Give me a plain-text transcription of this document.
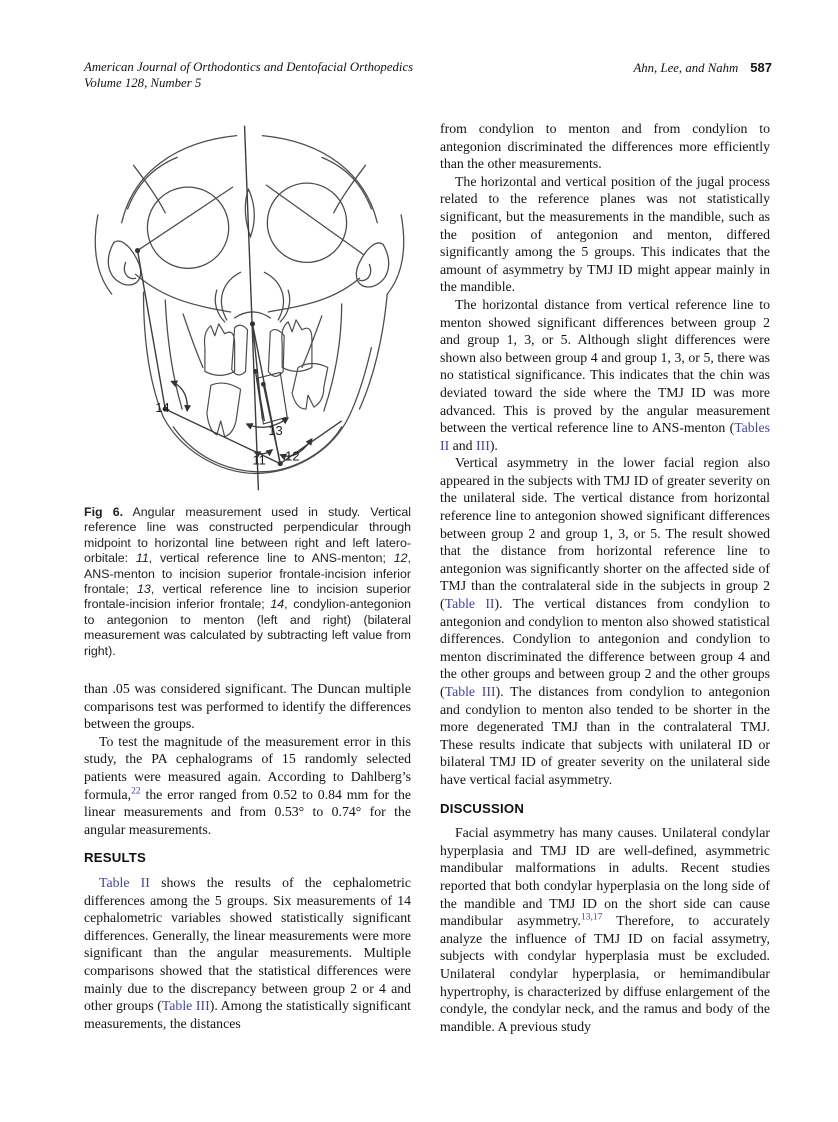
American Journal of Orthodontics and Dentofacial Orthopedics
Volume 128, Number 5
Ahn, Lee, and Nahm 587
14
13
11 12
Fig 6. Angular measurement used in study. Vertical reference line was constructed perpendicular through midpoint to horizontal line between right and left latero-orbitale: 11, vertical reference line to ANS-menton; 12, ANS-menton to incision superior frontale-incision inferior frontale; 13, vertical reference line to incision superior frontale-incision inferior frontale; 14, condylion-antegonion to antegonion to menton (left and right) (bilateral measurement was calculated by subtracting left value from right).

than .05 was considered significant. The Duncan multiple comparisons test was performed to identify the differences between the groups.

To test the magnitude of the measurement error in this study, the PA cephalograms of 15 randomly selected patients were measured again. According to Dahlberg’s formula,$^{22}$ the error ranged from 0.52 to 0.84 mm for the linear measurements and from 0.53° to 0.74° for the angular measurements.

RESULTS

Table II shows the results of the cephalometric differences among the 5 groups. Six measurements of 14 cephalometric variables showed statistically significant differences. Generally, the linear measurements were more significant than the angular measurements. Multiple comparisons showed that the statistical differences were mainly due to the discrepancy between group 2 or 4 and other groups (Table III). Among the statistically significant measurements, the distances

from condylion to menton and from condylion to antegonion discriminated the differences more efficiently than the other measurements.

The horizontal and vertical position of the jugal process related to the reference planes was not statistically significant, but the measurements in the mandible, such as the position of antegonion and menton, differed significantly among the 5 groups. This indicates that the amount of asymmetry by TMJ ID might appear mainly in the mandible.

The horizontal distance from vertical reference line to menton showed significant differences between group 2 and group 1, 3, or 5. Although slight differences were shown also between group 4 and group 1, 3, or 5, there was no statistical significance. This indicates that the chin was deviated toward the side where the TMJ ID was more advanced. This is proved by the angular measurement between the vertical reference line to ANS-menton (Tables II and III).

Vertical asymmetry in the lower facial region also appeared in the subjects with TMJ ID of greater severity on the unilateral side. The vertical distance from horizontal reference line to antegonion showed significant differences between group 2 and group 1, 3, or 5. The result showed that the distance from horizontal reference line to antegonion was significantly shorter on the affected side of TMJ than the contralateral side in the subjects in group 2 (Table II). The vertical distances from condylion to antegonion and condylion to menton also showed statistical differences. Condylion to antegonion and condylion to menton discriminated the difference between group 4 and the other groups and between group 2 and the other groups (Table III). The distances from condylion to antegonion and condylion to menton also tended to be shorter in the more degenerated TMJ than in the contralateral TMJ. These results indicate that subjects with unilateral ID or bilateral TMJ ID of greater severity on the unilateral side have vertical facial asymmetry.

DISCUSSION

Facial asymmetry has many causes. Unilateral condylar hyperplasia and TMJ ID are well-defined, asymmetric mandibular malformations in adults. Recent studies reported that both condylar hyperplasia on the long side of the mandible and TMJ ID on the short side can cause mandibular asymmetry.$^{13,17}$ Therefore, to accurately analyze the influence of TMJ ID on facial assymetry, subjects with condylar hyperplasia must be excluded. Unilateral condylar hyperplasia, or hemimandibular hypertrophy, is characterized by diffuse enlargement of the condyle, the condylar neck, and the ramus and body of the mandible. A previous study
